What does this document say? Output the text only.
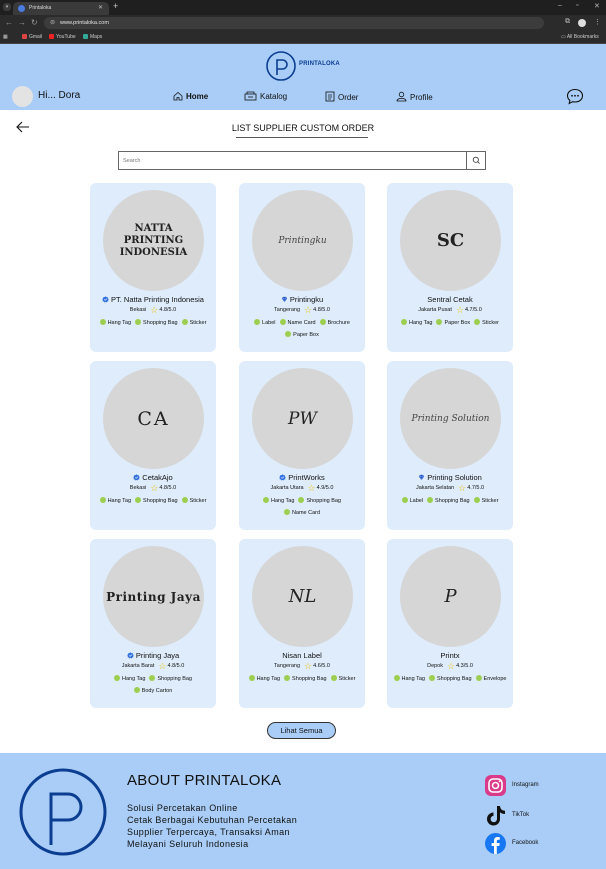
▾	Printaloka	✕ +	– ▫ ✕
← → ↻ ⊜ www.printaloka.com	⧉	⋮
▦	Gmail	YouTube	Maps	▭ All Bookmarks
PRINTALOKA
Hi... Dora	Home	Katalog	Order	Profile
LIST SUPPLIER CUSTOM ORDER
Search
NATTA PRINTING INDONESIA
PT. Natta Printing Indonesia
Bekasi ☆4.8/5.0
Hang Tag Shopping Bag Sticker
Printingku
Printingku
Tangerang ☆4.8/5.0
Label Name Card BrochurePaper Box
SC
Sentral Cetak
Jakarta Pusat ☆4.7/5.0
Hang Tag Paper Box Sticker
CA
CetakAjo
Bekasi ☆4.8/5.0
Hang Tag Shopping Bag Sticker
PW
PrintWorks
Jakarta Utara ☆4.9/5.0
Hang Tag Shopping BagName Card
Printing Solution
Printing Solution
Jakarta Selatan ☆4.7/5.0
Label Shopping Bag Sticker
Printing Jaya
Printing Jaya
Jakarta Barat ☆4.8/5.0
Hang Tag Shopping BagBody Carton
NL
Nisan Label
Tangerang ☆4.6/5.0
Hang Tag Shopping Bag Sticker
P
Printx
Depok ☆4.3/5.0
Hang Tag Shopping Bag Envelope
Lihat Semua
ABOUT PRINTALOKA
Solusi Percetakan Online
Cetak Berbagai Kebutuhan Percetakan
Supplier Terpercaya, Transaksi Aman
Melayani Seluruh Indonesia
Instagram
TikTok
Facebook
